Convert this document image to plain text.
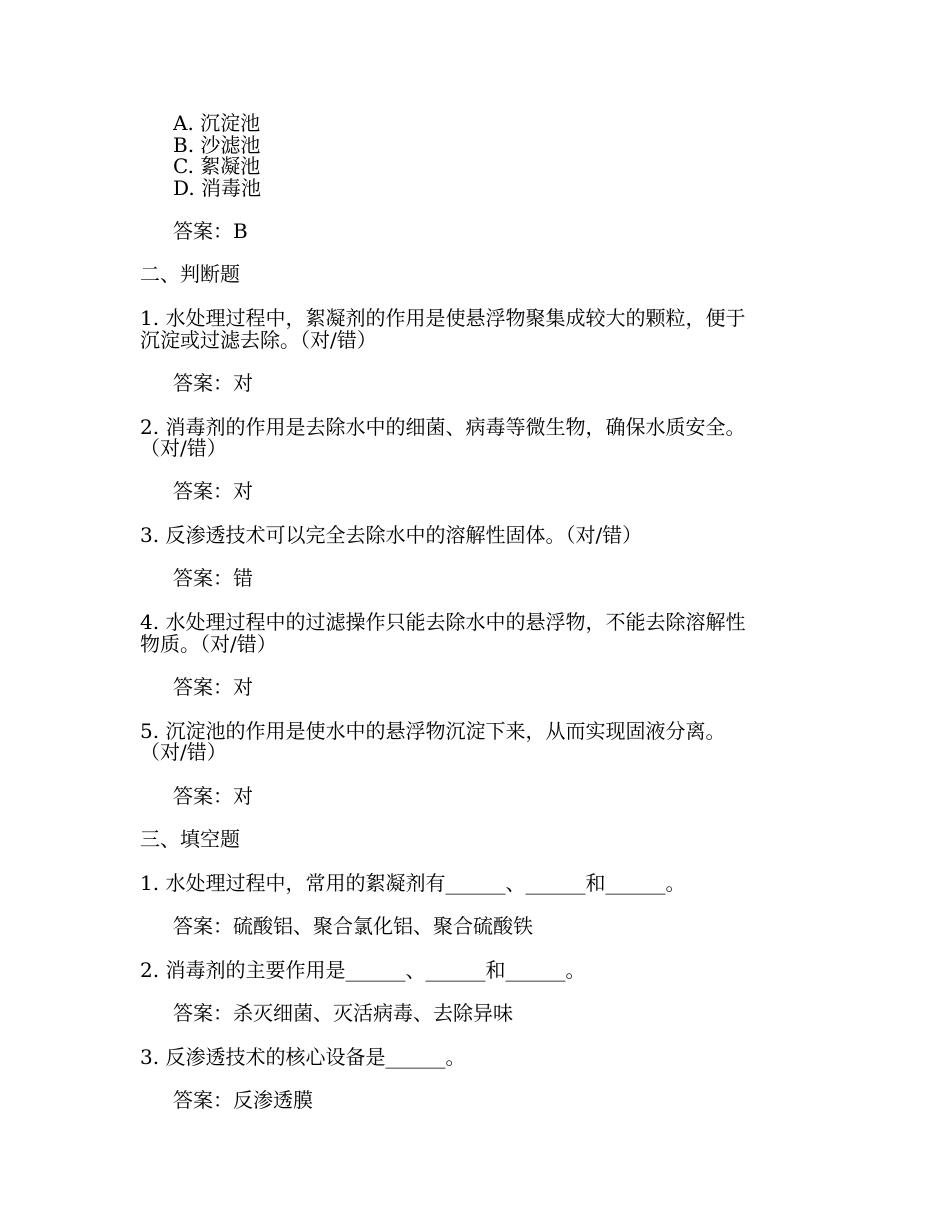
A. 沉淀池
B. 沙滤池
C. 絮凝池
D. 消毒池
答案：B
二、判断题
1. 水处理过程中，絮凝剂的作用是使悬浮物聚集成较大的颗粒，便于
沉淀或过滤去除。（对/错）
答案：对
2. 消毒剂的作用是去除水中的细菌、病毒等微生物，确保水质安全。
（对/错）
答案：对
3. 反渗透技术可以完全去除水中的溶解性固体。（对/错）
答案：错
4. 水处理过程中的过滤操作只能去除水中的悬浮物，不能去除溶解性
物质。（对/错）
答案：对
5. 沉淀池的作用是使水中的悬浮物沉淀下来，从而实现固液分离。
（对/错）
答案：对
三、填空题
1. 水处理过程中，常用的絮凝剂有______、______和______。
答案：硫酸铝、聚合氯化铝、聚合硫酸铁
2. 消毒剂的主要作用是______、______和______。
答案：杀灭细菌、灭活病毒、去除异味
3. 反渗透技术的核心设备是______。
答案：反渗透膜
